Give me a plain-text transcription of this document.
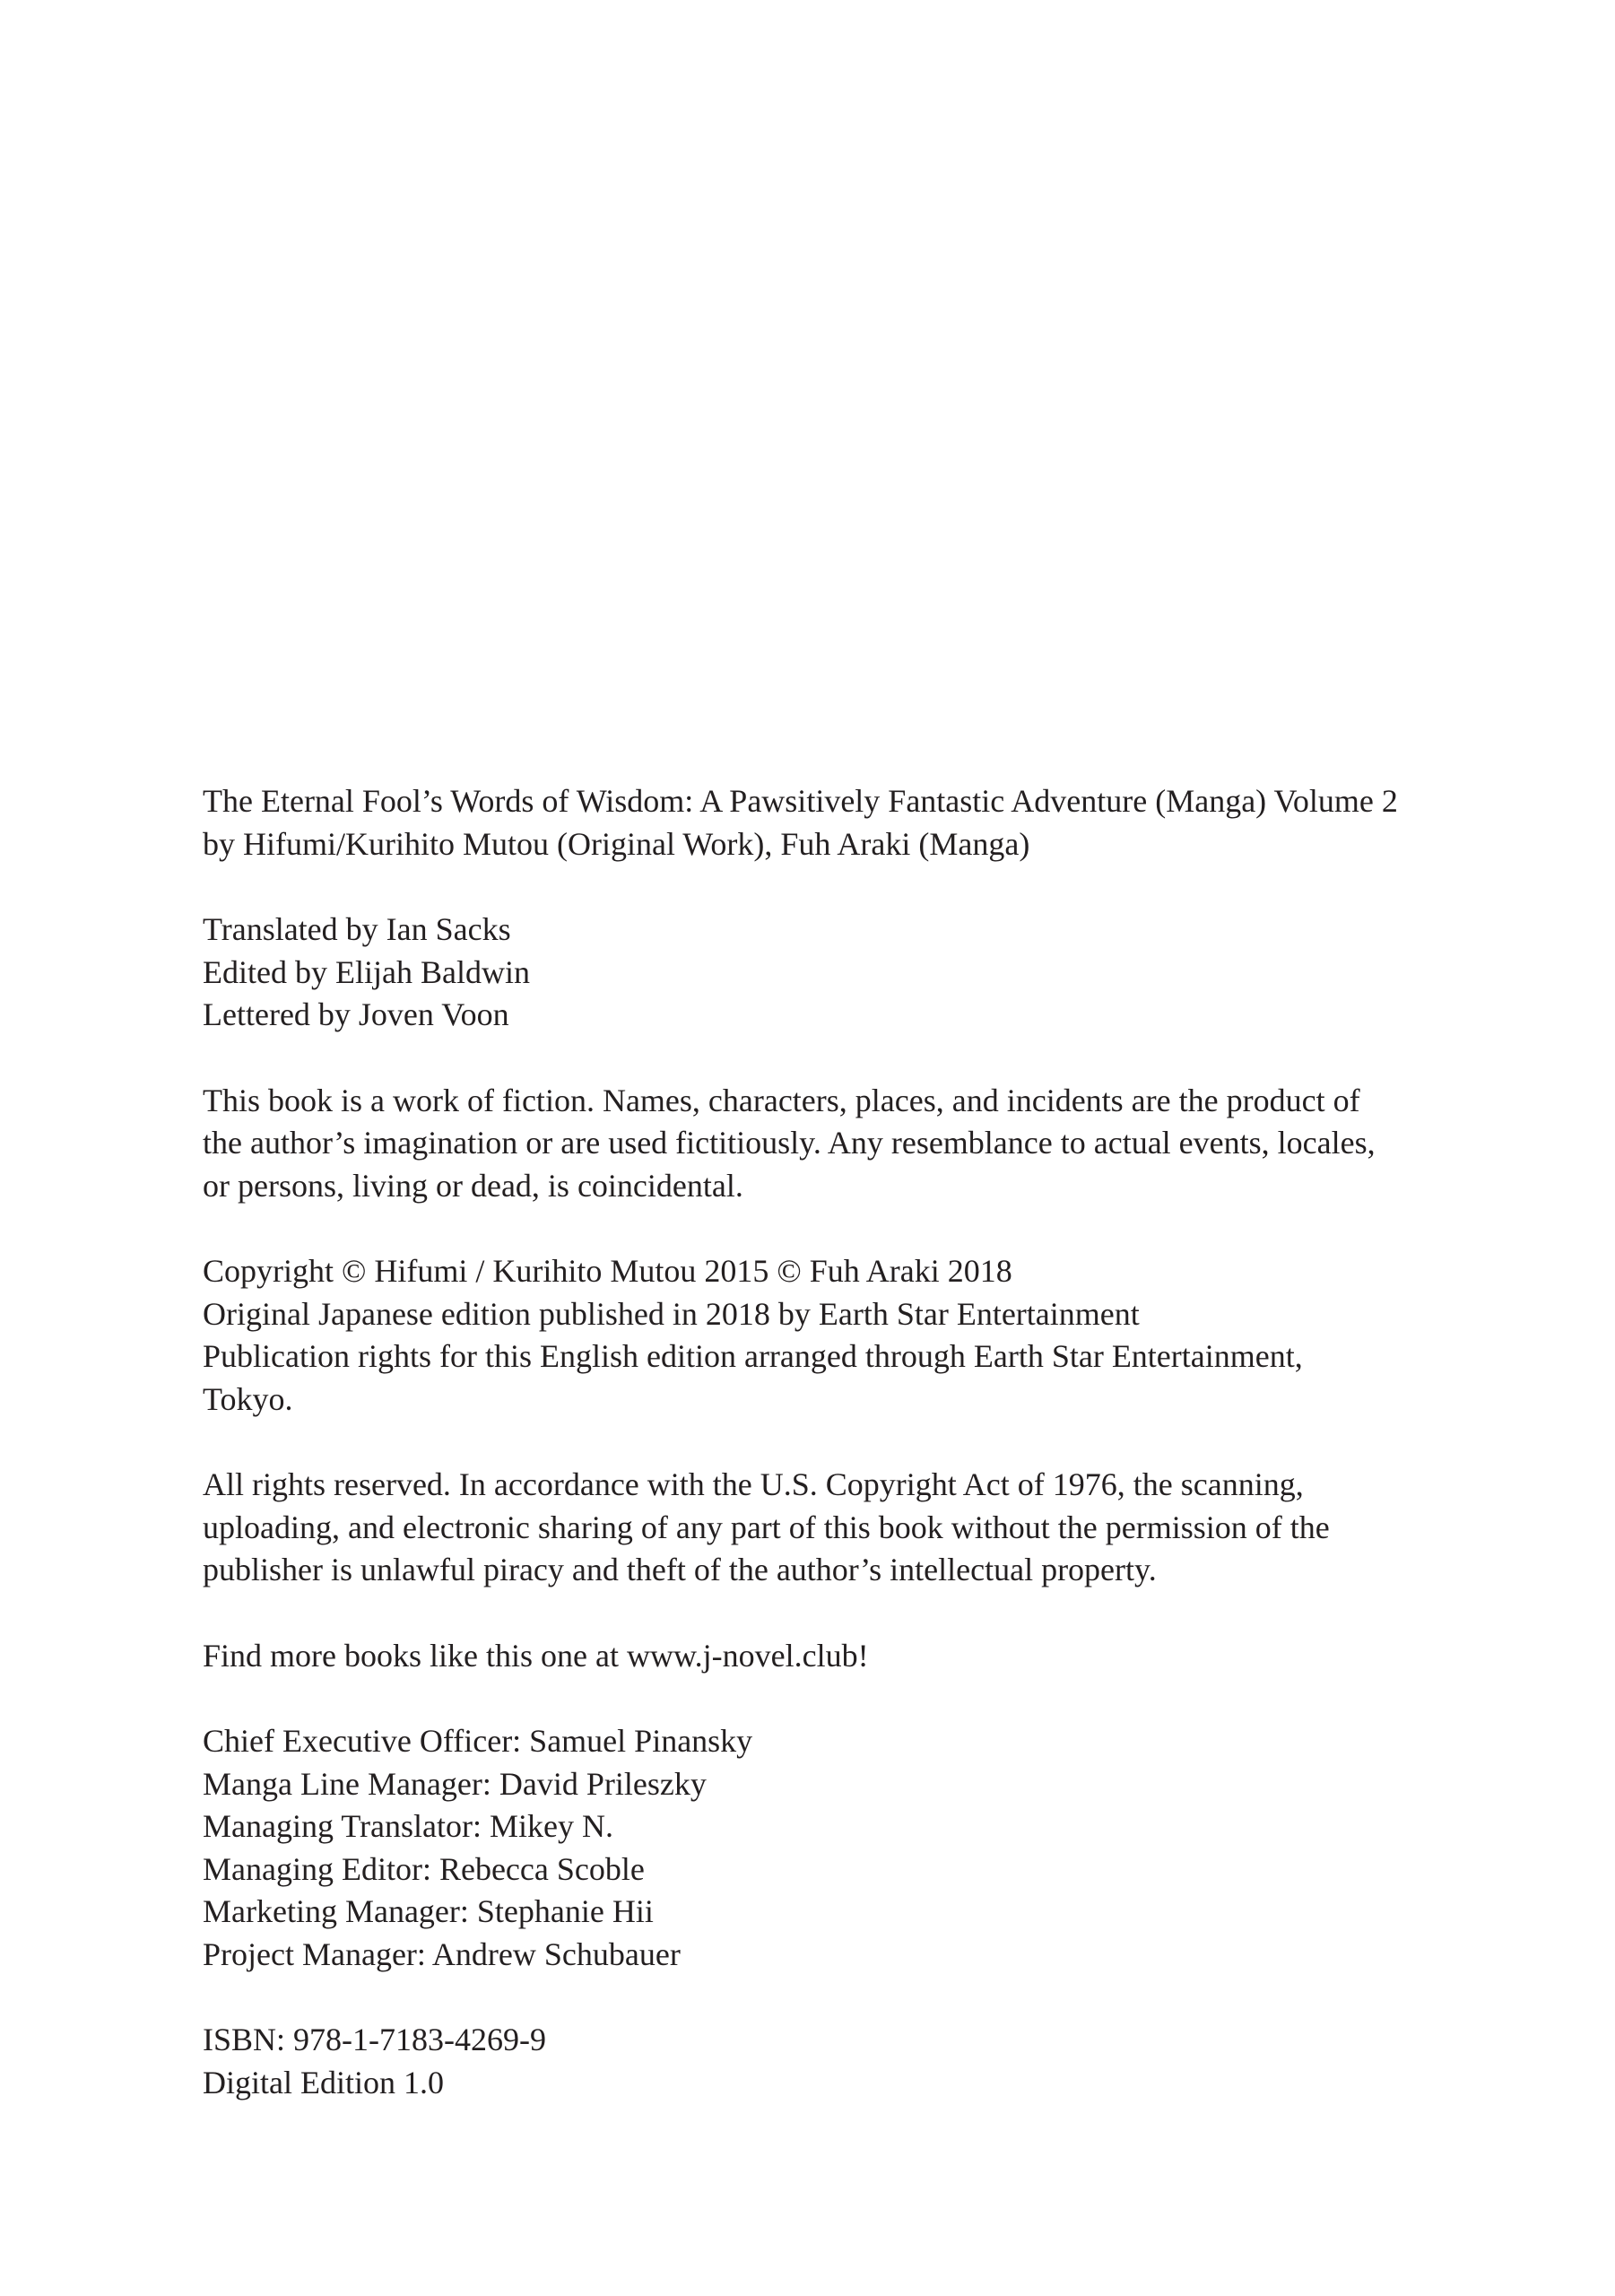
The Eternal Fool’s Words of Wisdom: A Pawsitively Fantastic Adventure (Manga) Volume 2
by Hifumi/Kurihito Mutou (Original Work), Fuh Araki (Manga)

Translated by Ian Sacks
Edited by Elijah Baldwin
Lettered by Joven Voon

This book is a work of fiction. Names, characters, places, and incidents are the product of
the author’s imagination or are used fictitiously. Any resemblance to actual events, locales,
or persons, living or dead, is coincidental.

Copyright © Hifumi / Kurihito Mutou 2015 © Fuh Araki 2018
Original Japanese edition published in 2018 by Earth Star Entertainment
Publication rights for this English edition arranged through Earth Star Entertainment,
Tokyo.

All rights reserved. In accordance with the U.S. Copyright Act of 1976, the scanning,
uploading, and electronic sharing of any part of this book without the permission of the
publisher is unlawful piracy and theft of the author’s intellectual property.

Find more books like this one at www.j-novel.club!

Chief Executive Officer: Samuel Pinansky
Manga Line Manager: David Prileszky
Managing Translator: Mikey N.
Managing Editor: Rebecca Scoble
Marketing Manager: Stephanie Hii
Project Manager: Andrew Schubauer

ISBN: 978-1-7183-4269-9
Digital Edition 1.0
